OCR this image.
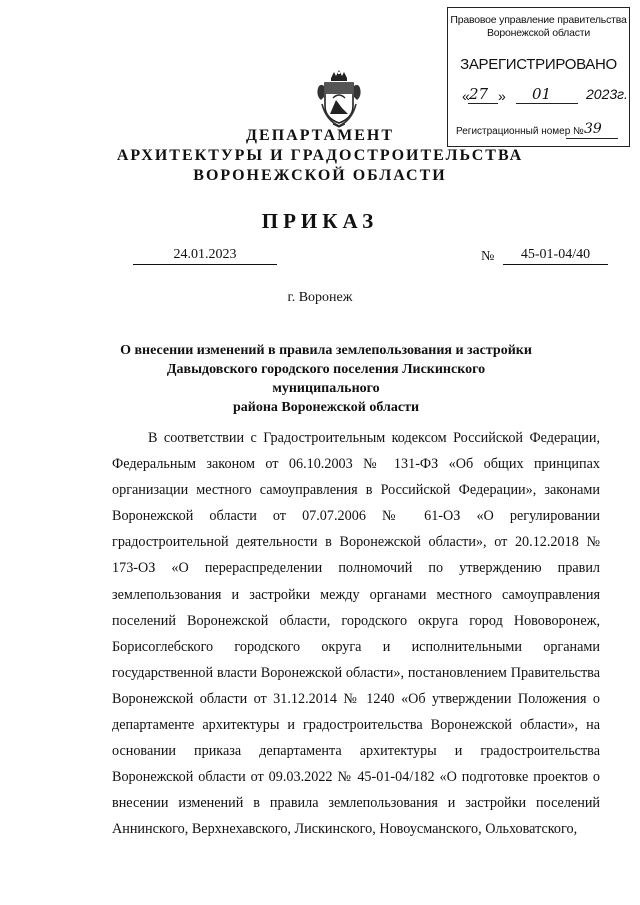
Правовое управление правительства
Воронежской области
ЗАРЕГИСТРИРОВАНО
« 27 » 01 2023г.
Регистрационный номер № 39
ДЕПАРТАМЕНТ
АРХИТЕКТУРЫ И ГРАДОСТРОИТЕЛЬСТВА
ВОРОНЕЖСКОЙ ОБЛАСТИ
ПРИКАЗ
24.01.2023	№	45-01-04/40
г. Воронеж
О внесении изменений в правила землепользования и застройки
Давыдовского городского поселения Лискинского муниципального
района Воронежской области
В соответствии с Градостроительным кодексом Российской Федерации, Федеральным законом от 06.10.2003 № 131-ФЗ «Об общих принципах организации местного самоуправления в Российской Федерации», законами Воронежской области от 07.07.2006 № 61-ОЗ «О регулировании градостроительной деятельности в Воронежской области», от 20.12.2018 № 173-ОЗ «О перераспределении полномочий по утверждению правил землепользования и застройки между органами местного самоуправления поселений Воронежской области, городского округа город Нововоронеж, Борисоглебского городского округа и исполнительными органами государственной власти Воронежской области», постановлением Правительства Воронежской области от 31.12.2014 № 1240 «Об утверждении Положения о департаменте архитектуры и градостроительства Воронежской области», на основании приказа департамента архитектуры и градостроительства Воронежской области от 09.03.2022 № 45-01-04/182 «О подготовке проектов о внесении изменений в правила землепользования и застройки поселений Аннинского, Верхнехавского, Лискинского, Новоусманского, Ольховатского,
